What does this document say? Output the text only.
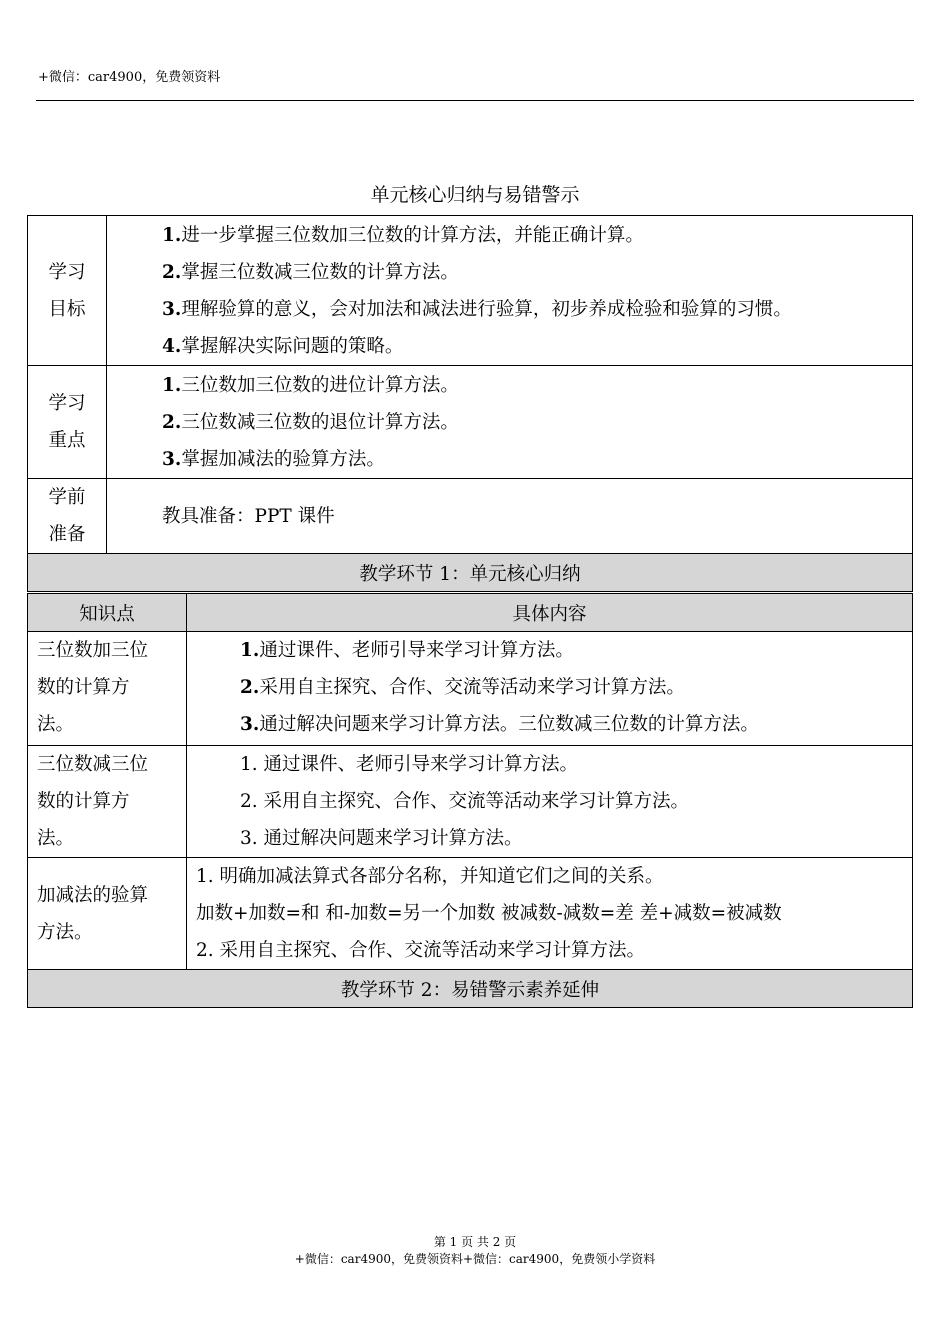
+微信：car4900，免费领资料
单元核心归纳与易错警示
学习
目标	1.进一步掌握三位数加三位数的计算方法，并能正确计算。
2.掌握三位数减三位数的计算方法。
3.理解验算的意义，会对加法和减法进行验算，初步养成检验和验算的习惯。
4.掌握解决实际问题的策略。

学习
重点	1.三位数加三位数的进位计算方法。
2.三位数减三位数的退位计算方法。
3.掌握加减法的验算方法。

学前
准备	教具准备：PPT 课件
教学环节 1：单元核心归纳	
知识点	具体内容

三位数加三位
数的计算方
法。	1.通过课件、老师引导来学习计算方法。
2.采用自主探究、合作、交流等活动来学习计算方法。
3.通过解决问题来学习计算方法。三位数减三位数的计算方法。

三位数减三位
数的计算方
法。	1. 通过课件、老师引导来学习计算方法。
2. 采用自主探究、合作、交流等活动来学习计算方法。
3. 通过解决问题来学习计算方法。

加减法的验算
方法。	1. 明确加减法算式各部分名称，并知道它们之间的关系。
加数+加数=和 和-加数=另一个加数 被减数-减数=差 差+减数=被减数
2. 采用自主探究、合作、交流等活动来学习计算方法。

教学环节 2：易错警示素养延伸	
第 1 页 共 2 页
+微信：car4900，免费领资料+微信：car4900，免费领小学资料
